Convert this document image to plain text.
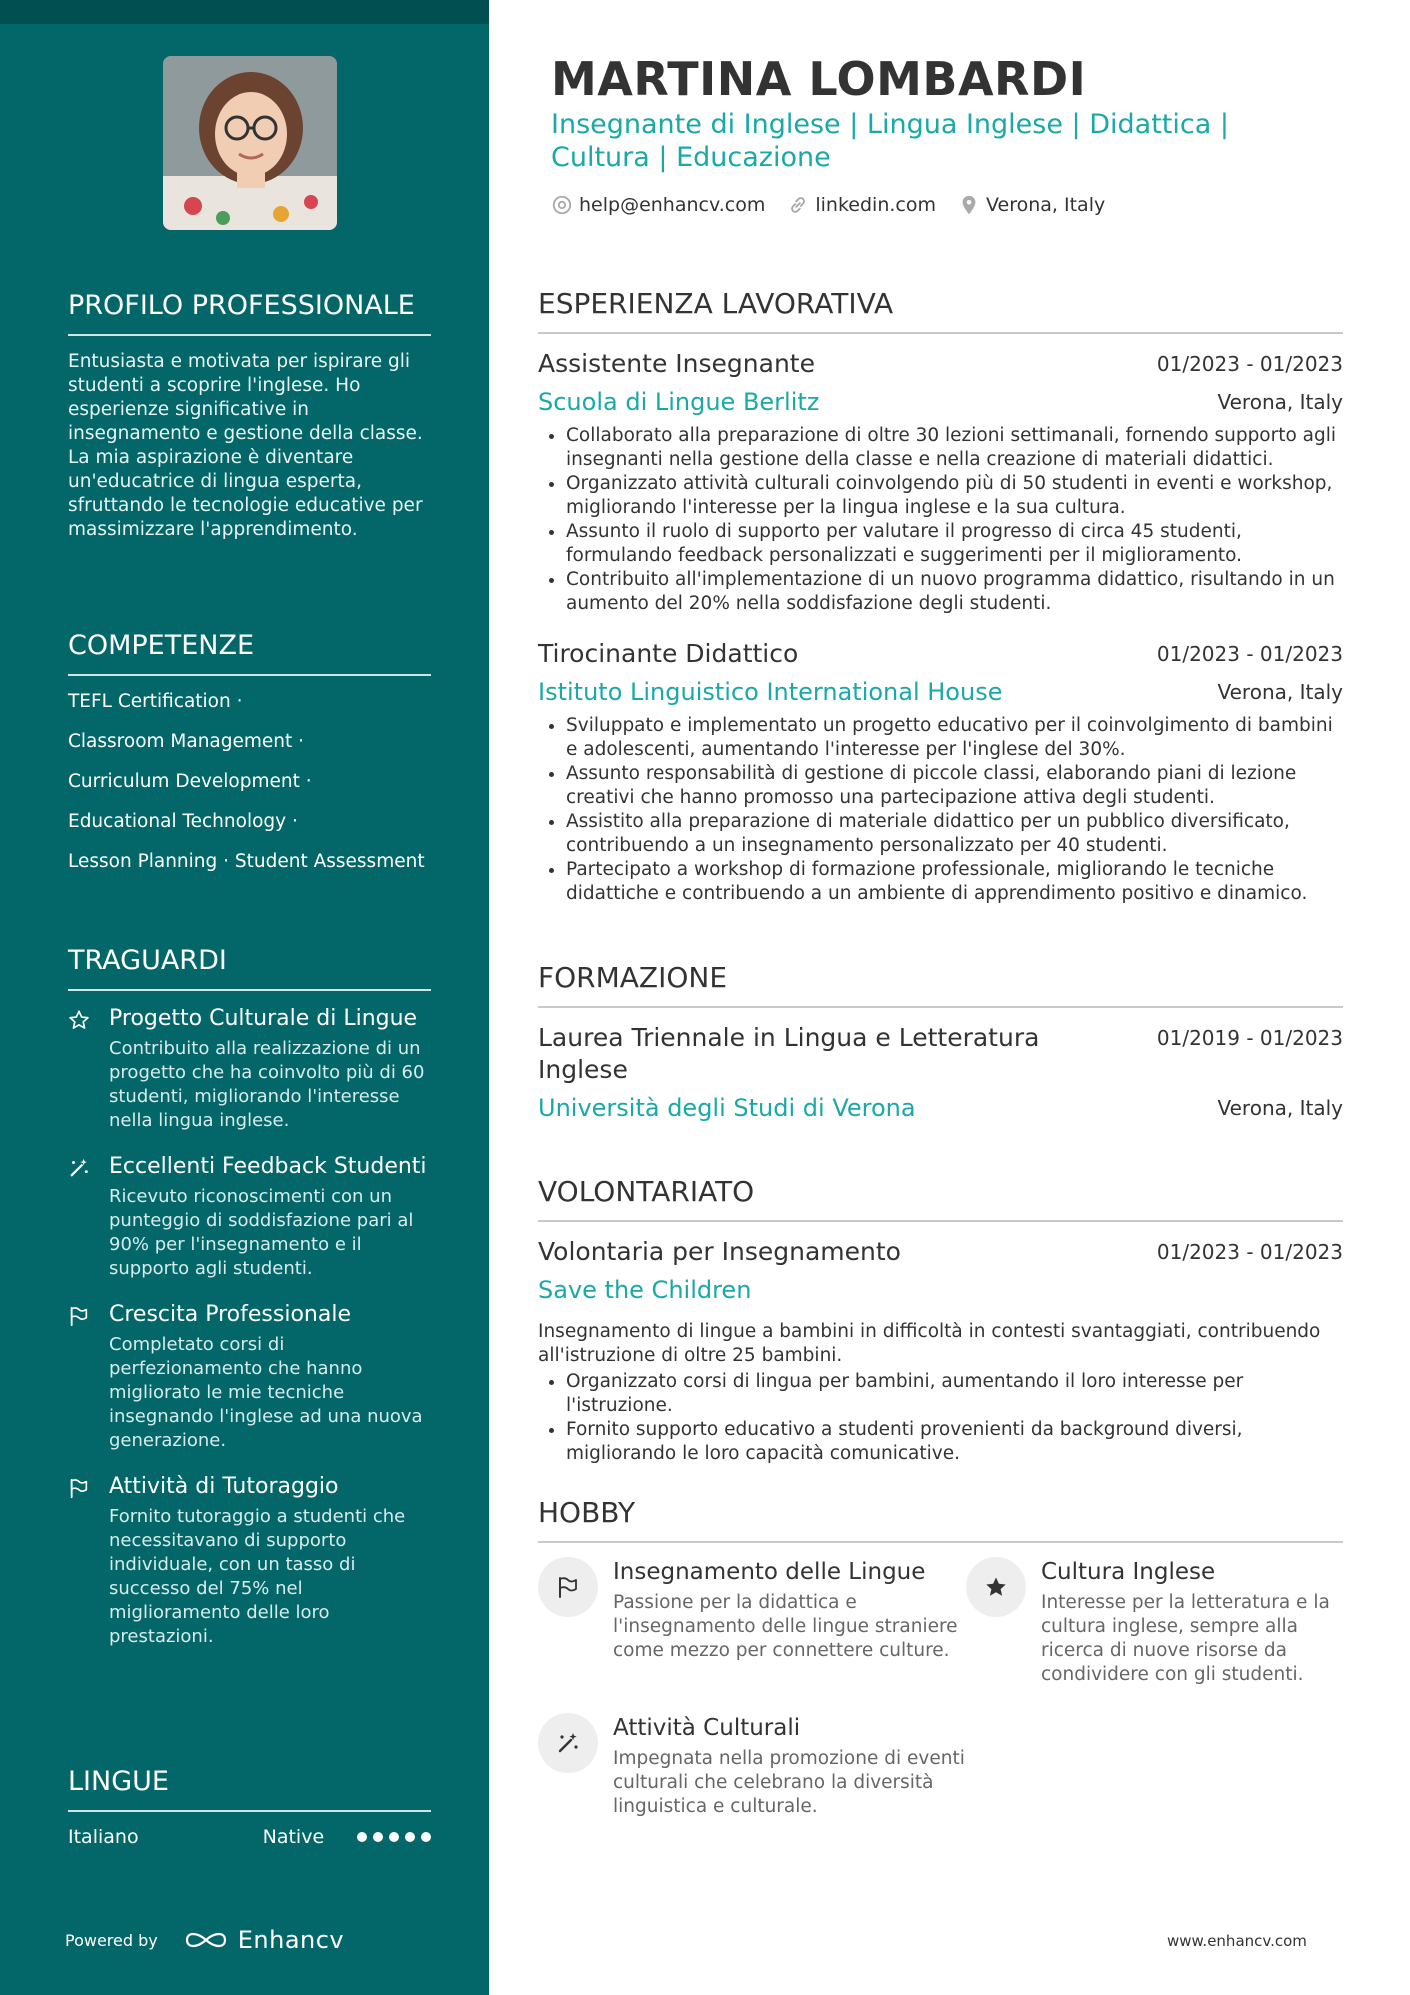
PROFILO PROFESSIONALE
Entusiasta e motivata per ispirare gli studenti a scoprire l'inglese. Ho esperienze significative in insegnamento e gestione della classe. La mia aspirazione è diventare un'educatrice di lingua esperta, sfruttando le tecnologie educative per massimizzare l'apprendimento.
COMPETENZE
TEFL Certification ·
Classroom Management ·
Curriculum Development ·
Educational Technology ·
Lesson Planning · Student Assessment
TRAGUARDI
Progetto Culturale di Lingue
Contribuito alla realizzazione di un progetto che ha coinvolto più di 60 studenti, migliorando l'interesse nella lingua inglese.
Eccellenti Feedback Studenti
Ricevuto riconoscimenti con un punteggio di soddisfazione pari al 90% per l'insegnamento e il supporto agli studenti.
Crescita Professionale
Completato corsi di perfezionamento che hanno migliorato le mie tecniche insegnando l'inglese ad una nuova generazione.
Attività di Tutoraggio
Fornito tutoraggio a studenti che necessitavano di supporto individuale, con un tasso di successo del 75% nel miglioramento delle loro prestazioni.
LINGUE
Italiano	Native
Powered by	Enhancv
MARTINA LOMBARDI
Insegnante di Inglese | Lingua Inglese | Didattica | Cultura | Educazione
help@enhancv.com	linkedin.com	Verona, Italy
ESPERIENZA LAVORATIVA
Assistente Insegnante	01/2023 - 01/2023
Scuola di Lingue Berlitz	Verona, Italy
• Collaborato alla preparazione di oltre 30 lezioni settimanali, fornendo supporto agli insegnanti nella gestione della classe e nella creazione di materiali didattici.
• Organizzato attività culturali coinvolgendo più di 50 studenti in eventi e workshop, migliorando l'interesse per la lingua inglese e la sua cultura.
• Assunto il ruolo di supporto per valutare il progresso di circa 45 studenti, formulando feedback personalizzati e suggerimenti per il miglioramento.
• Contribuito all'implementazione di un nuovo programma didattico, risultando in un aumento del 20% nella soddisfazione degli studenti.
Tirocinante Didattico	01/2023 - 01/2023
Istituto Linguistico International House	Verona, Italy
• Sviluppato e implementato un progetto educativo per il coinvolgimento di bambini e adolescenti, aumentando l'interesse per l'inglese del 30%.
• Assunto responsabilità di gestione di piccole classi, elaborando piani di lezione creativi che hanno promosso una partecipazione attiva degli studenti.
• Assistito alla preparazione di materiale didattico per un pubblico diversificato, contribuendo a un insegnamento personalizzato per 40 studenti.
• Partecipato a workshop di formazione professionale, migliorando le tecniche didattiche e contribuendo a un ambiente di apprendimento positivo e dinamico.
FORMAZIONE
Laurea Triennale in Lingua e Letteratura Inglese
01/2019 - 01/2023
Università degli Studi di Verona	Verona, Italy
VOLONTARIATO
Volontaria per Insegnamento	01/2023 - 01/2023
Save the Children
Insegnamento di lingue a bambini in difficoltà in contesti svantaggiati, contribuendo all'istruzione di oltre 25 bambini.
• Organizzato corsi di lingua per bambini, aumentando il loro interesse per l'istruzione.
• Fornito supporto educativo a studenti provenienti da background diversi, migliorando le loro capacità comunicative.
HOBBY
Insegnamento delle Lingue
Passione per la didattica e l'insegnamento delle lingue straniere come mezzo per connettere culture.
Cultura Inglese
Interesse per la letteratura e la cultura inglese, sempre alla ricerca di nuove risorse da condividere con gli studenti.
Attività Culturali
Impegnata nella promozione di eventi culturali che celebrano la diversità linguistica e culturale.
www.enhancv.com
